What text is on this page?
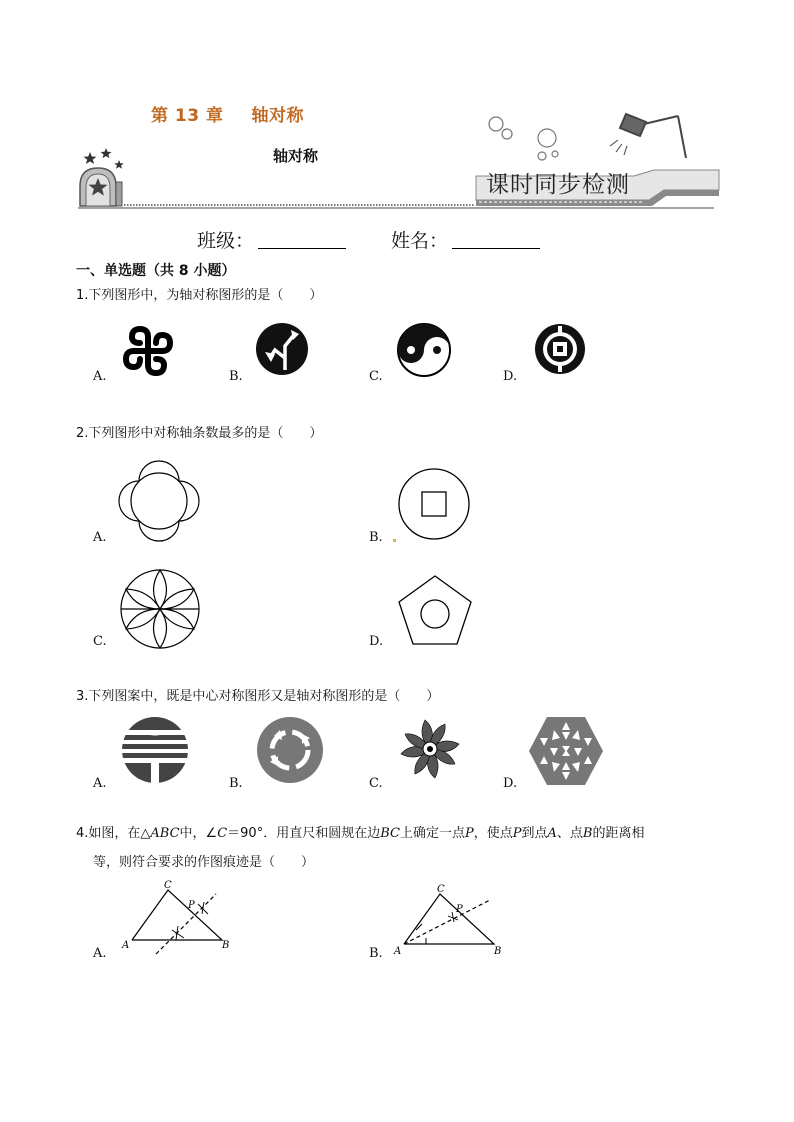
第 13 章 轴对称
轴对称
课时同步检测
班级：	姓名：
一、单选题（共 8 小题）
1.下列图形中，为轴对称图形的是（　　）
A.	B.	C.	D.
2.下列图形中对称轴条数最多的是（　　）
A.	B.
C.	D.
3.下列图案中，既是中心对称图形又是轴对称图形的是（　　）
A.	B.	C.	D.
4.如图，在△ABC中，∠C＝90°．用直尺和圆规在边BC上确定一点P，使点P到点A、点B的距离相
等，则符合要求的作图痕迹是（　　）
A	B
C
P
A	B
C
P
A.	B.
